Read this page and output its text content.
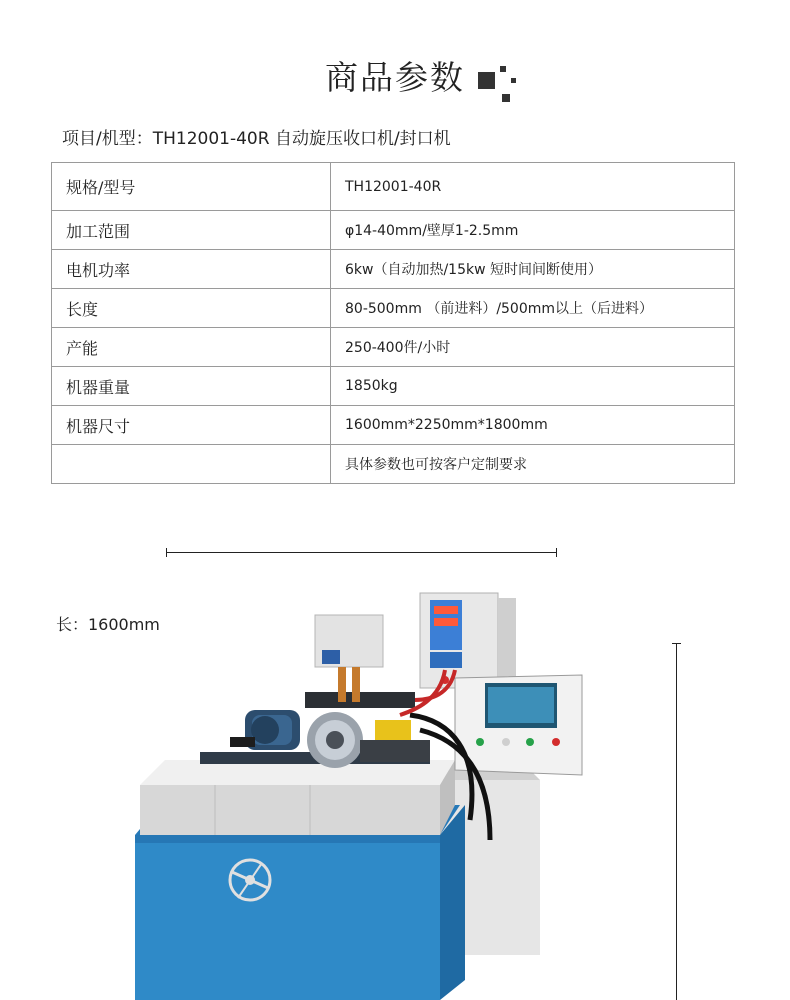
商品参数
项目/机型：TH12001-40R 自动旋压收口机/封口机
规格/型号	TH12001-40R
加工范围	φ14-40mm/壁厚1-2.5mm
电机功率	6kw（自动加热/15kw 短时间间断使用）
长度	80-500mm （前进料）/500mm以上（后进料）
产能	250-400件/小时
机器重量	1850kg
机器尺寸	1600mm*2250mm*1800mm
	具体参数也可按客户定制要求
长：1600mm
